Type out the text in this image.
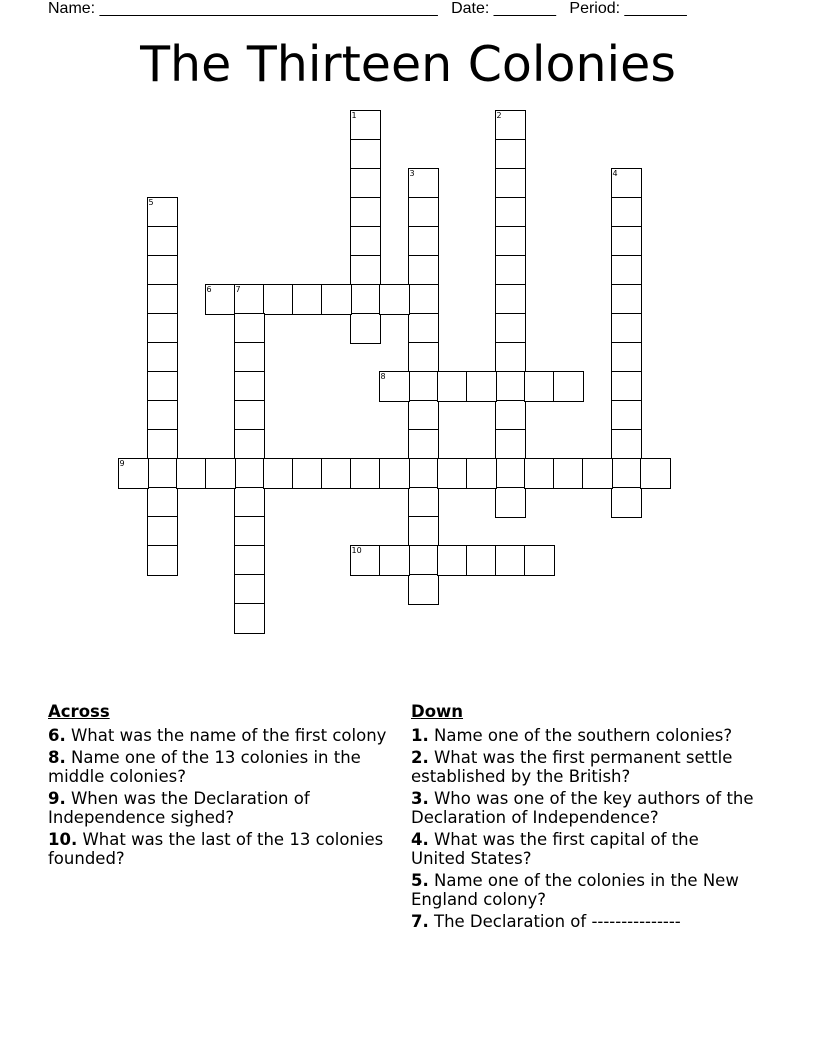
Name: ______________________________________ Date: _______ Period: _______
The Thirteen Colonies
1	2
3	4
5
6	7
8
9
10
Across
6. What was the name of the first colony
8. Name one of the 13 colonies in the middle colonies?
9. When was the Declaration of Independence sighed?
10. What was the last of the 13 colonies founded?
Down
1. Name one of the southern colonies?
2. What was the first permanent settle established by the British?
3. Who was one of the key authors of the Declaration of Independence?
4. What was the first capital of the United States?
5. Name one of the colonies in the New England colony?
7. The Declaration of ---------------
